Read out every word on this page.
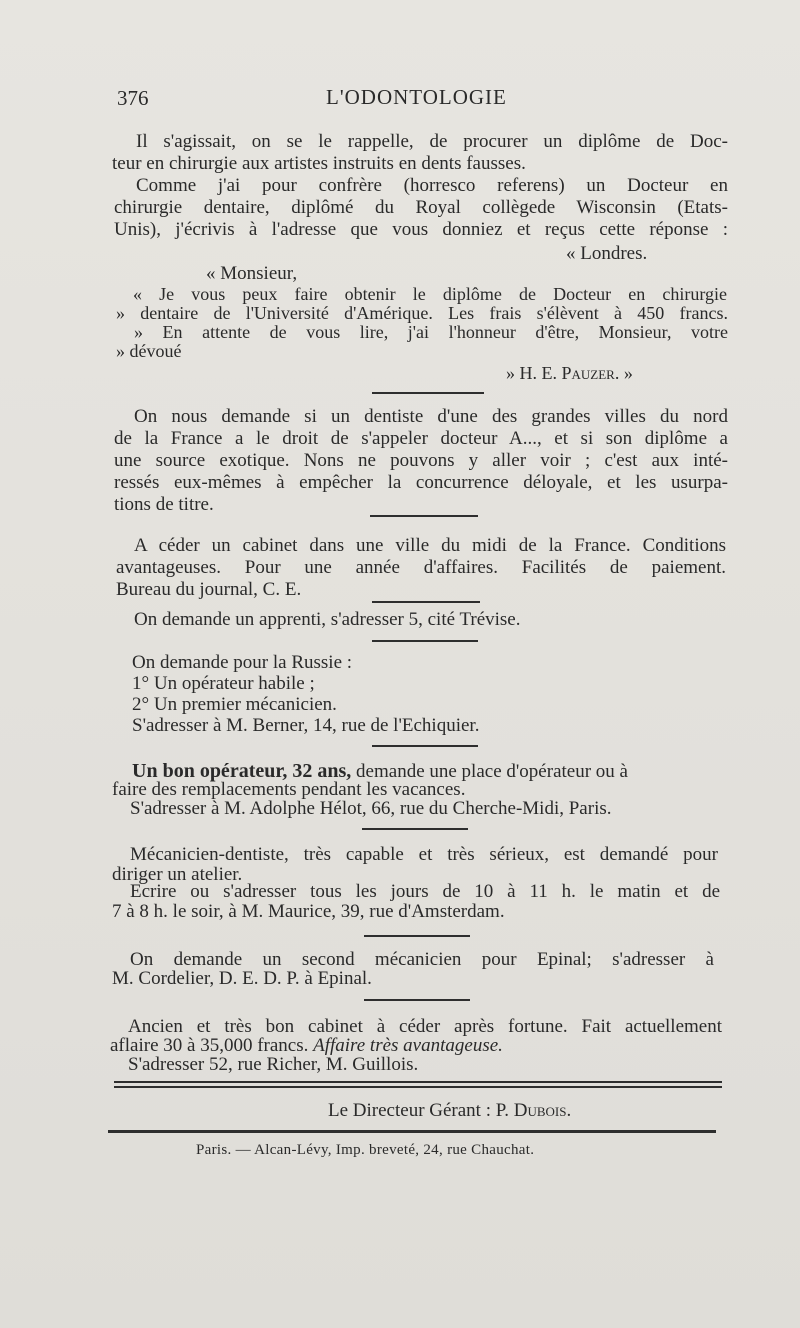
376	L'ODONTOLOGIE
Il s'agissait, on se le rappelle, de procurer un diplôme de Doc-
teur en chirurgie aux artistes instruits en dents fausses.
Comme j'ai pour confrère (horresco referens) un Docteur en
chirurgie dentaire, diplômé du Royal collègede Wisconsin (Etats-
Unis), j'écrivis à l'adresse que vous donniez et reçus cette réponse :
« Londres.
« Monsieur,
« Je vous peux faire obtenir le diplôme de Docteur en chirurgie
» dentaire de l'Université d'Amérique. Les frais s'élèvent à 450 francs.
» En attente de vous lire, j'ai l'honneur d'être, Monsieur, votre
» dévoué
» H. E. Pauzer. »
On nous demande si un dentiste d'une des grandes villes du nord
de la France a le droit de s'appeler docteur A..., et si son diplôme a
une source exotique. Nons ne pouvons y aller voir ; c'est aux inté-
ressés eux-mêmes à empêcher la concurrence déloyale, et les usurpa-
tions de titre.
A céder un cabinet dans une ville du midi de la France. Conditions
avantageuses. Pour une année d'affaires. Facilités de paiement.
Bureau du journal, C. E.
On demande un apprenti, s'adresser 5, cité Trévise.
On demande pour la Russie :
1° Un opérateur habile ;
2° Un premier mécanicien.
S'adresser à M. Berner, 14, rue de l'Echiquier.
Un bon opérateur, 32 ans, demande une place d'opérateur ou à
faire des remplacements pendant les vacances.
S'adresser à M. Adolphe Hélot, 66, rue du Cherche-Midi, Paris.
Mécanicien-dentiste, très capable et très sérieux, est demandé pour
diriger un atelier.
Ecrire ou s'adresser tous les jours de 10 à 11 h. le matin et de
7 à 8 h. le soir, à M. Maurice, 39, rue d'Amsterdam.
On demande un second mécanicien pour Epinal; s'adresser à
M. Cordelier, D. E. D. P. à Epinal.
Ancien et très bon cabinet à céder après fortune. Fait actuellement
aflaire 30 à 35,000 francs. Affaire très avantageuse.
S'adresser 52, rue Richer, M. Guillois.
Le Directeur Gérant : P. Dubois.
Paris. — Alcan-Lévy, Imp. breveté, 24, rue Chauchat.
